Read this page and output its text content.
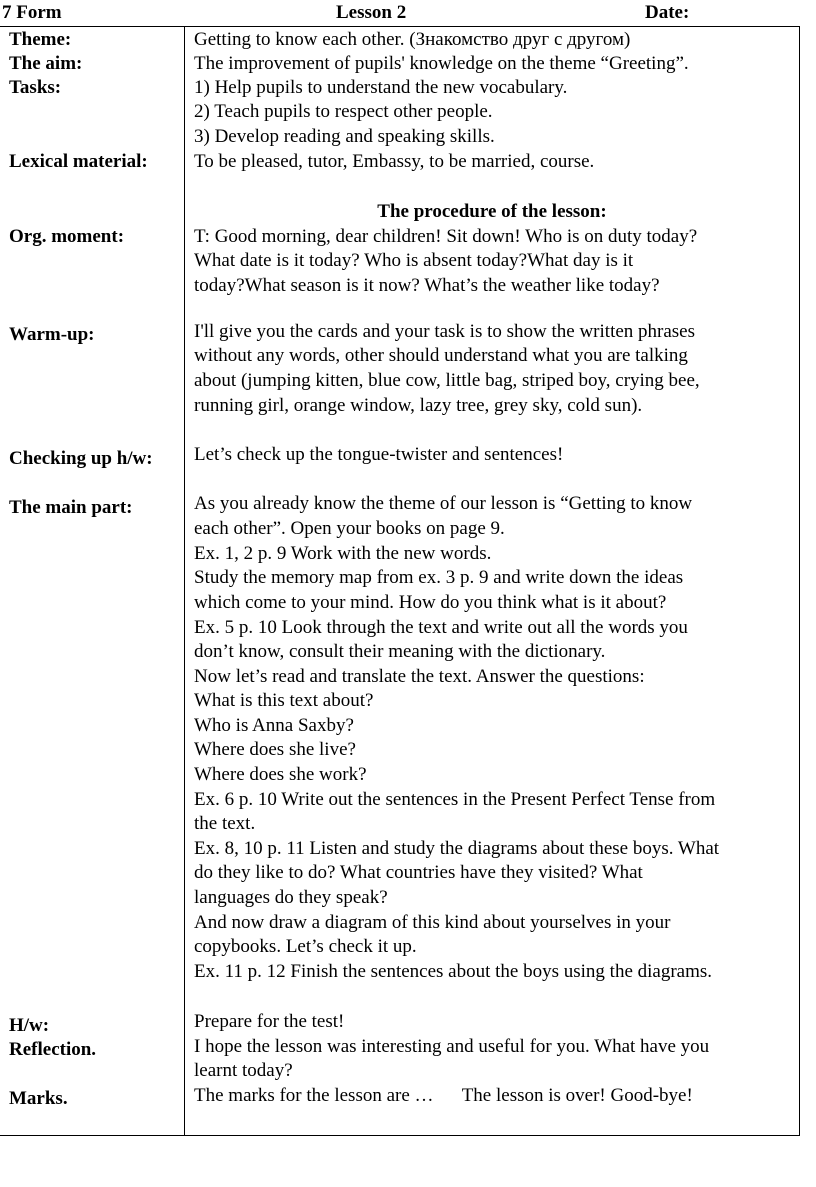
7 Form	Lesson 2	Date:
Theme:
The aim:
Tasks:
Lexical material:
Org. moment:
Warm-up:
Checking up h/w:
The main part:
H/w:
Reflection.
Marks.
Getting to know each other. (Знакомство друг с другом)
The improvement of pupils' knowledge on the theme “Greeting”.
1) Help pupils to understand the new vocabulary.
2) Teach pupils to respect other people.
3) Develop reading and speaking skills.
To be pleased, tutor, Embassy, to be married, course.
The procedure of the lesson:
T: Good morning, dear children! Sit down! Who is on duty today?
What date is it today? Who is absent today?What day is it
today?What season is it now? What’s the weather like today?
I'll give you the cards and your task is to show the written phrases
without any words, other should understand what you are talking
about (jumping kitten, blue cow, little bag, striped boy, crying bee,
running girl, orange window, lazy tree, grey sky, cold sun).
Let’s check up the tongue-twister and sentences!
As you already know the theme of our lesson is “Getting to know
each other”. Open your books on page 9.
Ex. 1, 2 p. 9 Work with the new words.
Study the memory map from ex. 3 p. 9 and write down the ideas
which come to your mind. How do you think what is it about?
Ex. 5 p. 10 Look through the text and write out all the words you
don’t know, consult their meaning with the dictionary.
Now let’s read and translate the text. Answer the questions:
What is this text about?
Who is Anna Saxby?
Where does she live?
Where does she work?
Ex. 6 p. 10 Write out the sentences in the Present Perfect Tense from
the text.
Ex. 8, 10 p. 11 Listen and study the diagrams about these boys. What
do they like to do? What countries have they visited? What
languages do they speak?
And now draw a diagram of this kind about yourselves in your
copybooks. Let’s check it up.
Ex. 11 p. 12 Finish the sentences about the boys using the diagrams.
Prepare for the test!
I hope the lesson was interesting and useful for you. What have you
learnt today?
The marks for the lesson are …      The lesson is over! Good-bye!
